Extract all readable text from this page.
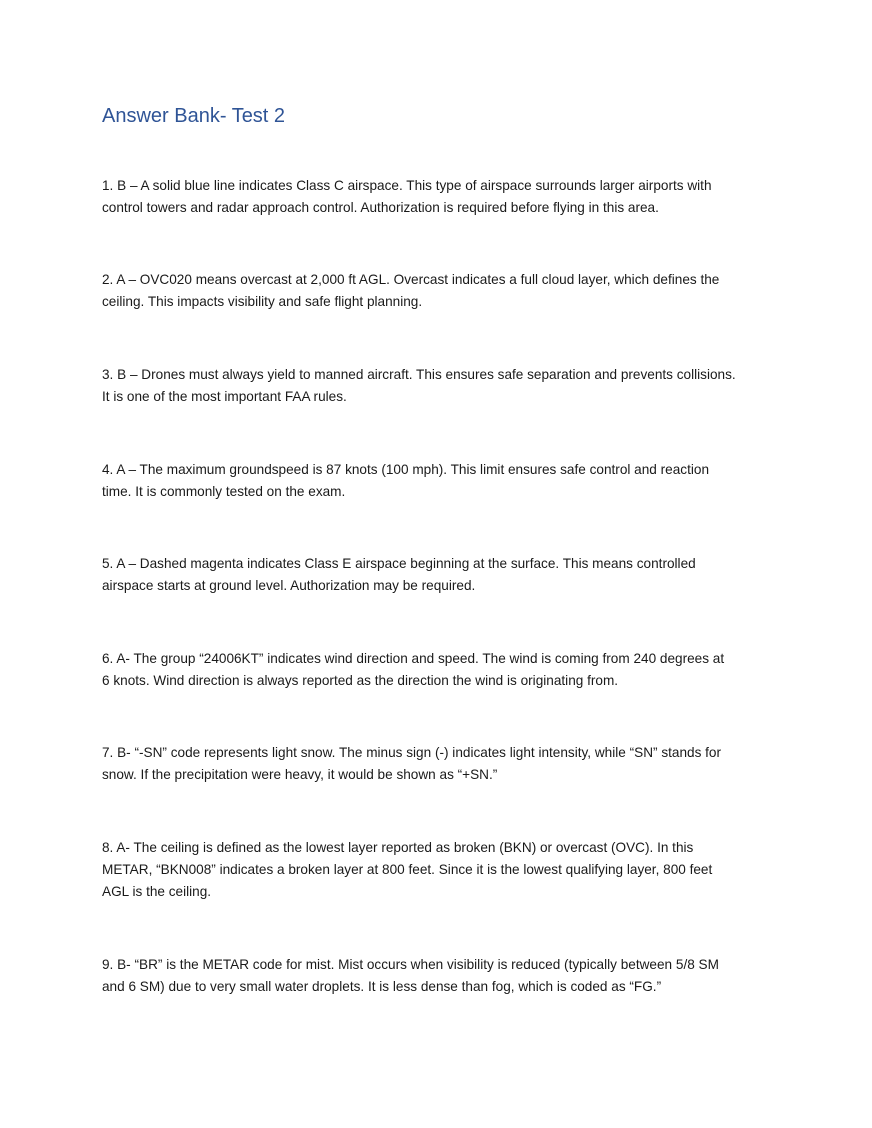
Answer Bank- Test 2

1. B – A solid blue line indicates Class C airspace. This type of airspace surrounds larger airports with
control towers and radar approach control. Authorization is required before flying in this area.

2. A – OVC020 means overcast at 2,000 ft AGL. Overcast indicates a full cloud layer, which defines the
ceiling. This impacts visibility and safe flight planning.

3. B – Drones must always yield to manned aircraft. This ensures safe separation and prevents collisions.
It is one of the most important FAA rules.

4. A – The maximum groundspeed is 87 knots (100 mph). This limit ensures safe control and reaction
time. It is commonly tested on the exam.

5. A – Dashed magenta indicates Class E airspace beginning at the surface. This means controlled
airspace starts at ground level. Authorization may be required.

6. A- The group “24006KT” indicates wind direction and speed. The wind is coming from 240 degrees at
6 knots. Wind direction is always reported as the direction the wind is originating from.

7. B- “-SN” code represents light snow. The minus sign (-) indicates light intensity, while “SN” stands for
snow. If the precipitation were heavy, it would be shown as “+SN.”

8. A- The ceiling is defined as the lowest layer reported as broken (BKN) or overcast (OVC). In this
METAR, “BKN008” indicates a broken layer at 800 feet. Since it is the lowest qualifying layer, 800 feet
AGL is the ceiling.

9. B- “BR” is the METAR code for mist. Mist occurs when visibility is reduced (typically between 5/8 SM
and 6 SM) due to very small water droplets. It is less dense than fog, which is coded as “FG.”
